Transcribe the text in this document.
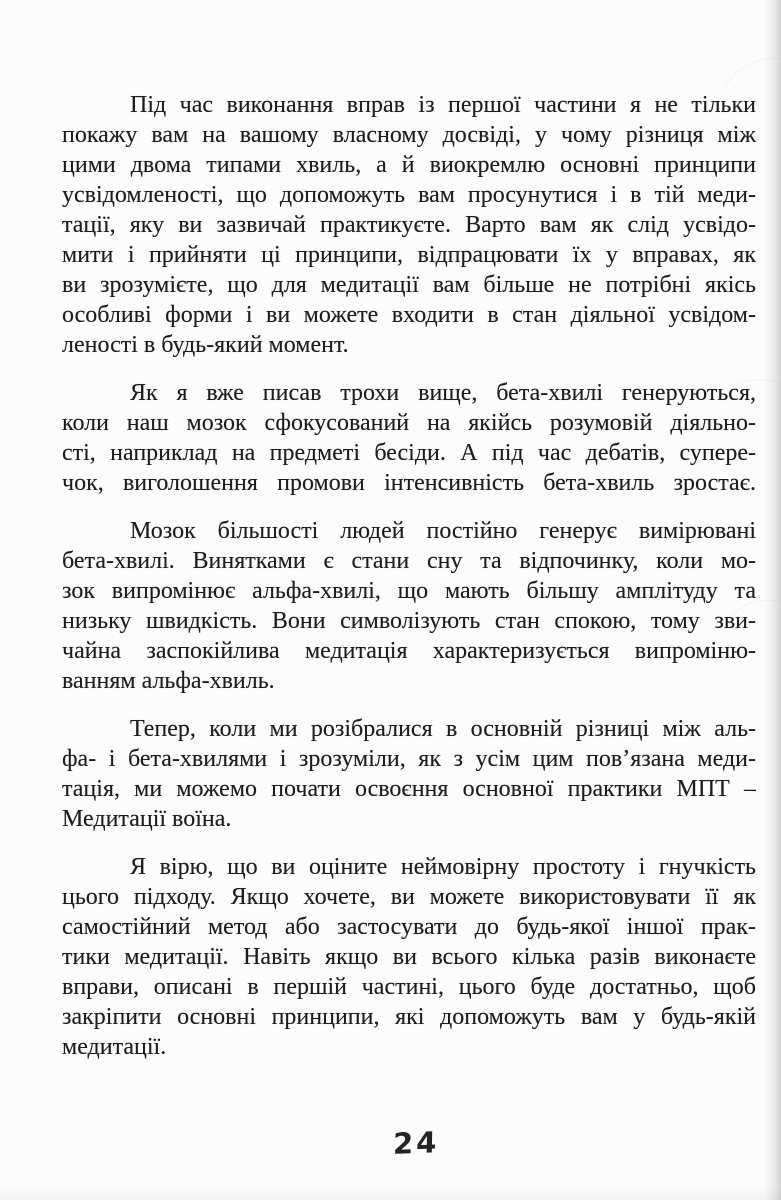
Під час виконання вправ із першої частини я не тільки
покажу вам на вашому власному досвіді, у чому різниця між
цими двома типами хвиль, а й виокремлю основні принципи
усвідомленості, що допоможуть вам просунутися і в тій меди-
тації, яку ви зазвичай практикуєте. Варто вам як слід усвідо-
мити і прийняти ці принципи, відпрацювати їх у вправах, як
ви зрозумієте, що для медитації вам більше не потрібні якісь
особливі форми і ви можете входити в стан діяльної усвідом-
леності в будь-який момент.
Як я вже писав трохи вище, бета-хвилі генеруються,
коли наш мозок сфокусований на якійсь розумовій діяльно-
сті, наприклад на предметі бесіди. А під час дебатів, супере-
чок, виголошення промови інтенсивність бета-хвиль зростає.
Мозок більшості людей постійно генерує вимірювані
бета-хвилі. Винятками є стани сну та відпочинку, коли мо-
зок випромінює альфа-хвилі, що мають більшу амплітуду та
низьку швидкість. Вони символізують стан спокою, тому зви-
чайна заспокійлива медитація характеризується випроміню-
ванням альфа-хвиль.
Тепер, коли ми розібралися в основній різниці між аль-
фа- і бета-хвилями і зрозуміли, як з усім цим пов’язана меди-
тація, ми можемо почати освоєння основної практики МПТ –
Медитації воїна.
Я вірю, що ви оціните неймовірну простоту і гнучкість
цього підходу. Якщо хочете, ви можете використовувати її як
самостійний метод або застосувати до будь-якої іншої прак-
тики медитації. Навіть якщо ви всього кілька разів виконаєте
вправи, описані в першій частині, цього буде достатньо, щоб
закріпити основні принципи, які допоможуть вам у будь-якій
медитації.
24
